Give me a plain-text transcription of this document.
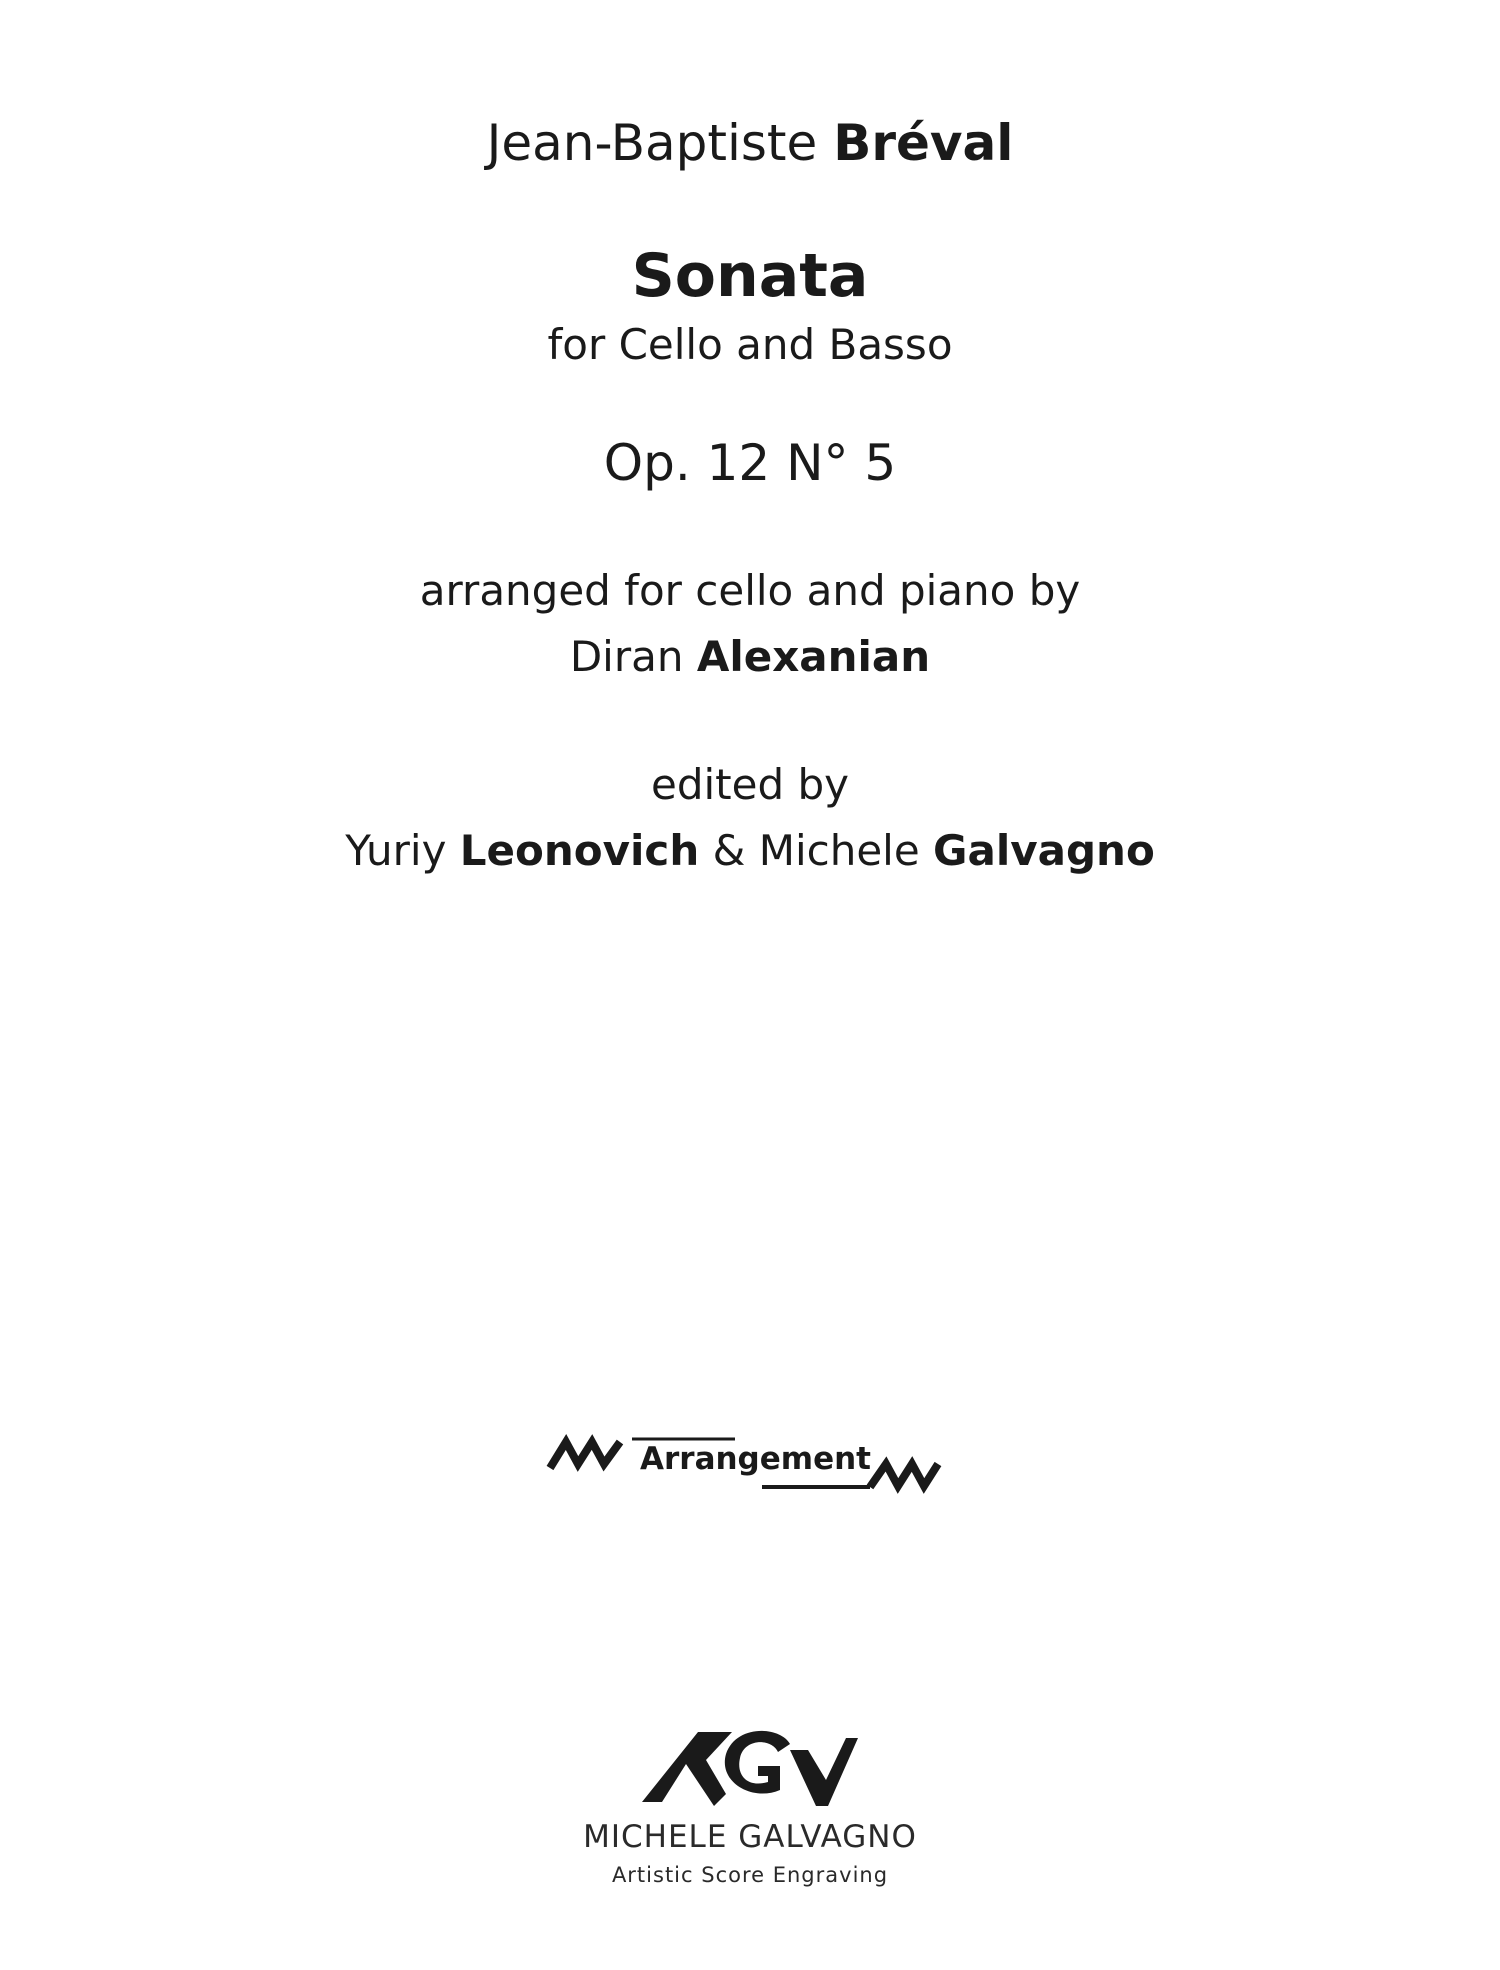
Jean-Baptiste Bréval
Sonata
for Cello and Basso
Op. 12 N° 5
arranged for cello and piano by
Diran Alexanian
edited by
Yuriy Leonovich & Michele Galvagno
Arrangement
MICHELE GALVAGNO
Artistic Score Engraving
